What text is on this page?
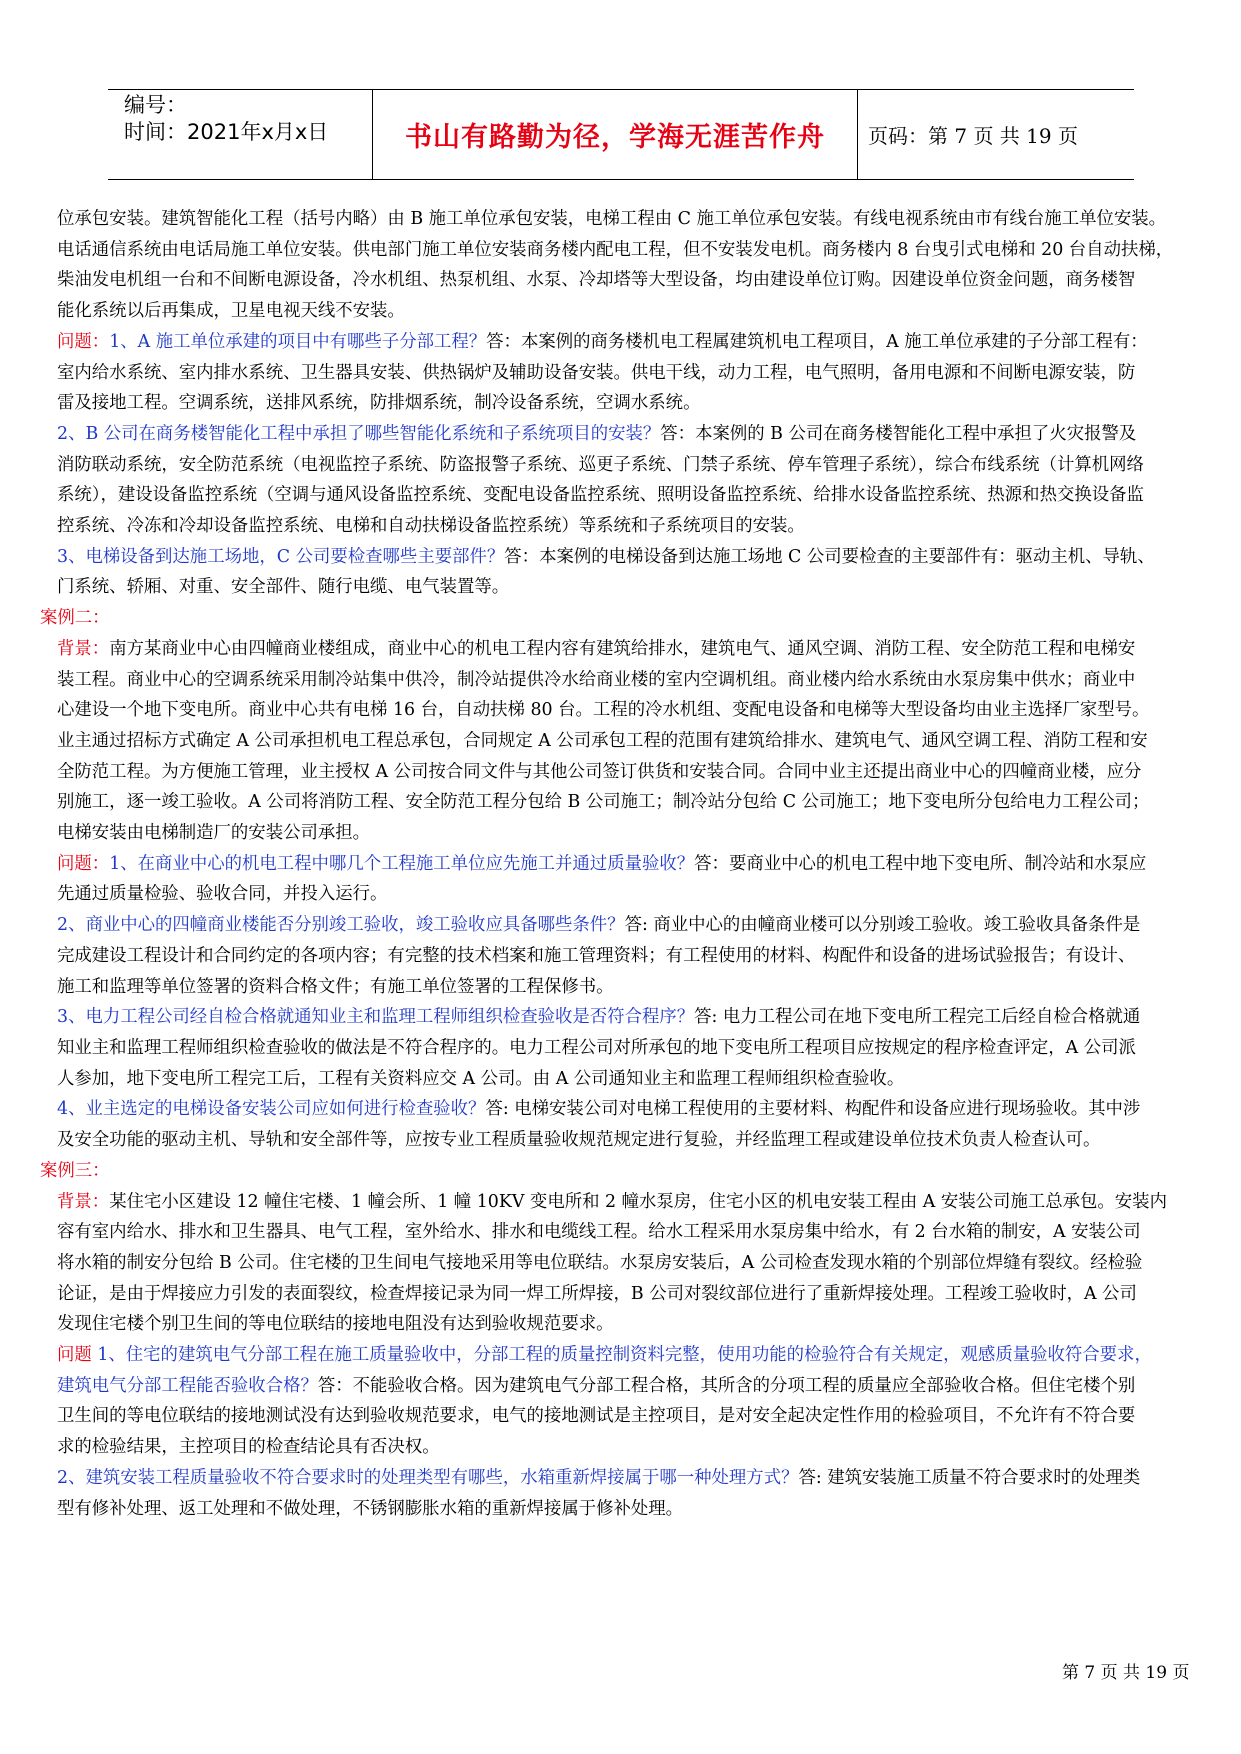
编号：
时间：2021年x月x日	书山有路勤为径，学海无涯苦作舟	页码：第 7 页 共 19 页

位承包安装。建筑智能化工程（括号内略）由 B 施工单位承包安装，电梯工程由 C 施工单位承包安装。有线电视系统由市有线台施工单位安装。

电话通信系统由电话局施工单位安装。供电部门施工单位安装商务楼内配电工程，但不安装发电机。商务楼内 8 台曳引式电梯和 20 台自动扶梯，

柴油发电机组一台和不间断电源设备，冷水机组、热泵机组、水泵、冷却塔等大型设备，均由建设单位订购。因建设单位资金问题，商务楼智

能化系统以后再集成，卫星电视天线不安装。

问题：1、A 施工单位承建的项目中有哪些子分部工程？答：本案例的商务楼机电工程属建筑机电工程项目，A 施工单位承建的子分部工程有：

室内给水系统、室内排水系统、卫生器具安装、供热锅炉及辅助设备安装。供电干线，动力工程，电气照明，备用电源和不间断电源安装，防

雷及接地工程。空调系统，送排风系统，防排烟系统，制冷设备系统，空调水系统。

2、B 公司在商务楼智能化工程中承担了哪些智能化系统和子系统项目的安装？答：本案例的 B 公司在商务楼智能化工程中承担了火灾报警及

消防联动系统，安全防范系统（电视监控子系统、防盗报警子系统、巡更子系统、门禁子系统、停车管理子系统），综合布线系统（计算机网络

系统），建设设备监控系统（空调与通风设备监控系统、变配电设备监控系统、照明设备监控系统、给排水设备监控系统、热源和热交换设备监

控系统、冷冻和冷却设备监控系统、电梯和自动扶梯设备监控系统）等系统和子系统项目的安装。

3、电梯设备到达施工场地，C 公司要检查哪些主要部件？答：本案例的电梯设备到达施工场地 C 公司要检查的主要部件有：驱动主机、导轨、

门系统、轿厢、对重、安全部件、随行电缆、电气装置等。

案例二：

背景：南方某商业中心由四幢商业楼组成，商业中心的机电工程内容有建筑给排水，建筑电气、通风空调、消防工程、安全防范工程和电梯安

装工程。商业中心的空调系统采用制冷站集中供冷，制冷站提供冷水给商业楼的室内空调机组。商业楼内给水系统由水泵房集中供水；商业中

心建设一个地下变电所。商业中心共有电梯 16 台，自动扶梯 80 台。工程的冷水机组、变配电设备和电梯等大型设备均由业主选择厂家型号。

业主通过招标方式确定 A 公司承担机电工程总承包，合同规定 A 公司承包工程的范围有建筑给排水、建筑电气、通风空调工程、消防工程和安

全防范工程。为方便施工管理，业主授权 A 公司按合同文件与其他公司签订供货和安装合同。合同中业主还提出商业中心的四幢商业楼，应分

别施工，逐一竣工验收。A 公司将消防工程、安全防范工程分包给 B 公司施工；制冷站分包给 C 公司施工；地下变电所分包给电力工程公司；

电梯安装由电梯制造厂的安装公司承担。

问题：1、在商业中心的机电工程中哪几个工程施工单位应先施工并通过质量验收？答：要商业中心的机电工程中地下变电所、制冷站和水泵应

先通过质量检验、验收合同，并投入运行。

2、商业中心的四幢商业楼能否分别竣工验收，竣工验收应具备哪些条件？答: 商业中心的由幢商业楼可以分别竣工验收。竣工验收具备条件是

完成建设工程设计和合同约定的各项内容；有完整的技术档案和施工管理资料；有工程使用的材料、构配件和设备的进场试验报告；有设计、

施工和监理等单位签署的资料合格文件；有施工单位签署的工程保修书。

3、电力工程公司经自检合格就通知业主和监理工程师组织检查验收是否符合程序？答: 电力工程公司在地下变电所工程完工后经自检合格就通

知业主和监理工程师组织检查验收的做法是不符合程序的。电力工程公司对所承包的地下变电所工程项目应按规定的程序检查评定，A 公司派

人参加，地下变电所工程完工后，工程有关资料应交 A 公司。由 A 公司通知业主和监理工程师组织检查验收。

4、业主选定的电梯设备安装公司应如何进行检查验收？答: 电梯安装公司对电梯工程使用的主要材料、构配件和设备应进行现场验收。其中涉

及安全功能的驱动主机、导轨和安全部件等，应按专业工程质量验收规范规定进行复验，并经监理工程或建设单位技术负责人检查认可。

案例三：

背景：某住宅小区建设 12 幢住宅楼、1 幢会所、1 幢 10KV 变电所和 2 幢水泵房，住宅小区的机电安装工程由 A 安装公司施工总承包。安装内

容有室内给水、排水和卫生器具、电气工程，室外给水、排水和电缆线工程。给水工程采用水泵房集中给水，有 2 台水箱的制安，A 安装公司

将水箱的制安分包给 B 公司。住宅楼的卫生间电气接地采用等电位联结。水泵房安装后，A 公司检查发现水箱的个别部位焊缝有裂纹。经检验

论证，是由于焊接应力引发的表面裂纹，检查焊接记录为同一焊工所焊接，B 公司对裂纹部位进行了重新焊接处理。工程竣工验收时，A 公司

发现住宅楼个别卫生间的等电位联结的接地电阻没有达到验收规范要求。

问题 1、住宅的建筑电气分部工程在施工质量验收中，分部工程的质量控制资料完整，使用功能的检验符合有关规定，观感质量验收符合要求，

建筑电气分部工程能否验收合格？答：不能验收合格。因为建筑电气分部工程合格，其所含的分项工程的质量应全部验收合格。但住宅楼个别

卫生间的等电位联结的接地测试没有达到验收规范要求，电气的接地测试是主控项目，是对安全起决定性作用的检验项目，不允许有不符合要

求的检验结果，主控项目的检查结论具有否决权。

2、建筑安装工程质量验收不符合要求时的处理类型有哪些，水箱重新焊接属于哪一种处理方式？答: 建筑安装施工质量不符合要求时的处理类

型有修补处理、返工处理和不做处理，不锈钢膨胀水箱的重新焊接属于修补处理。

第 7 页 共 19 页
